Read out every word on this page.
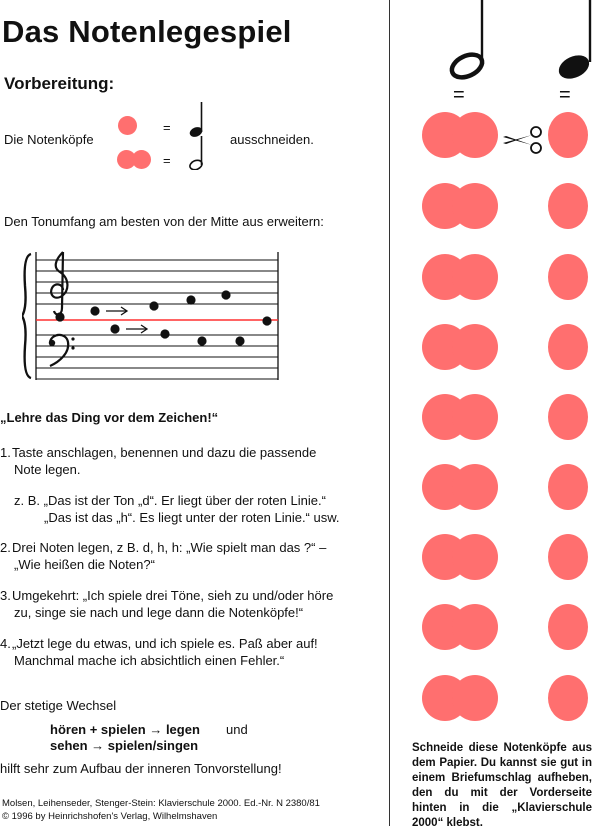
Das Notenlegespiel
Vorbereitung:
Die Notenköpfe
=
=
ausschneiden.
Den Tonumfang am besten von der Mitte aus erweitern:
„Lehre das Ding vor dem Zeichen!“
1.Taste anschlagen, benennen und dazu die passende
Note legen.
z. B. „Das ist der Ton „d“. Er liegt über der roten Linie.“
„Das ist das „h“. Es liegt unter der roten Linie.“ usw.
2.Drei Noten legen, z B. d, h, h: „Wie spielt man das ?“ –
„Wie heißen die Noten?“
3.Umgekehrt: „Ich spiele drei Töne, sieh zu und/oder höre
zu, singe sie nach und lege dann die Notenköpfe!“
4.„Jetzt lege du etwas, und ich spiele es. Paß aber auf!
Manchmal mache ich absichtlich einen Fehler.“
Der stetige Wechsel
hören + spielen → legen und
sehen → spielen/singen
hilft sehr zum Aufbau der inneren Tonvorstellung!
Molsen, Leihenseder, Stenger-Stein: Klavierschule 2000. Ed.-Nr. N 2380/81
© 1996 by Heinrichshofen's Verlag, Wilhelmshaven
=	=
Schneide diese Notenköpfe aus dem Papier. Du kannst sie gut in einem Briefumschlag aufheben, den du mit der Vorderseite hinten in die „Klavierschule 2000“ klebst.
